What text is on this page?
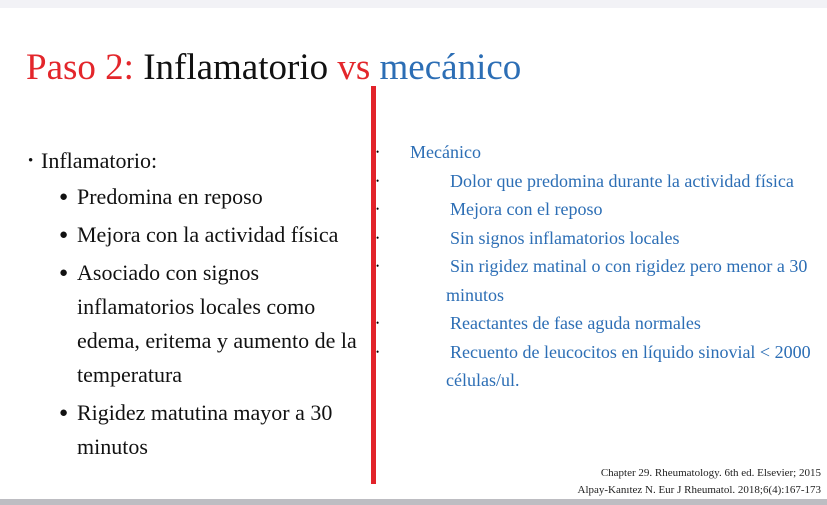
Paso 2: Inflamatorio vs mecánico
• Inflamatorio:
● Predomina en reposo
● Mejora con la actividad física
● Asociado con signos inflamatorios locales como edema, eritema y aumento de la temperatura
● Rigidez matutina mayor a 30 minutos
• Mecánico
•	Dolor que predomina durante la actividad física
•	Mejora con el reposo
•	Sin signos inflamatorios locales
•	Sin rigidez matinal o con rigidez pero menor a 30 minutos
•	Reactantes de fase aguda normales
•	Recuento de leucocitos en líquido sinovial < 2000 células/ul.
Chapter 29. Rheumatology. 6th ed. Elsevier; 2015
Alpay-Kanıtez N. Eur J Rheumatol. 2018;6(4):167-173
